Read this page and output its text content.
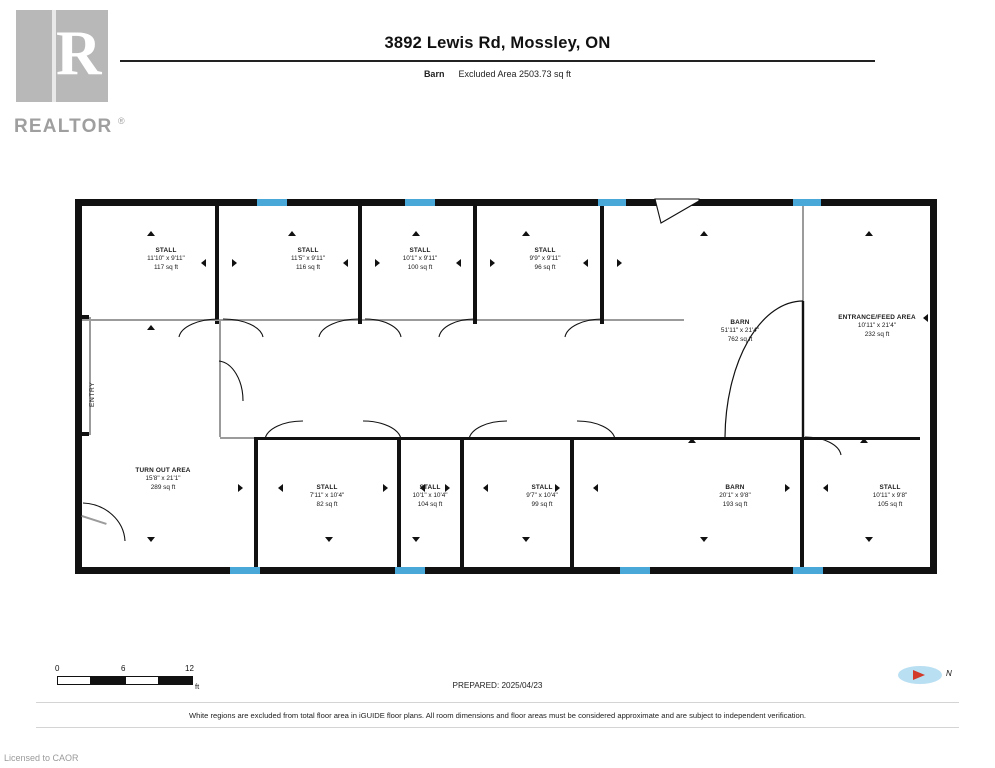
R
REALTOR ®
3892 Lewis Rd, Mossley, ON
Barn Excluded Area 2503.73 sq ft
STALL
11'10" x 9'11"
117 sq ft
STALL
11'5" x 9'11"
116 sq ft
STALL
10'1" x 9'11"
100 sq ft
STALL
9'9" x 9'11"
96 sq ft
BARN
51'11" x 21'4"
762 sq ft
ENTRANCE/FEED AREA
10'11" x 21'4"
232 sq ft
TURN OUT AREA
15'8" x 21'1"
289 sq ft	STALL
7'11" x 10'4"
82 sq ft
STALL
10'1" x 10'4"
104 sq ft
STALL
9'7" x 10'4"
99 sq ft
BARN
20'1" x 9'8"
193 sq ft
STALL
10'11" x 9'8"
105 sq ft
ENTRY
0	6	12
ft	PREPARED: 2025/04/23
N
White regions are excluded from total floor area in iGUIDE floor plans. All room dimensions and floor areas must be considered approximate and are subject to independent verification.
Licensed to CAOR
